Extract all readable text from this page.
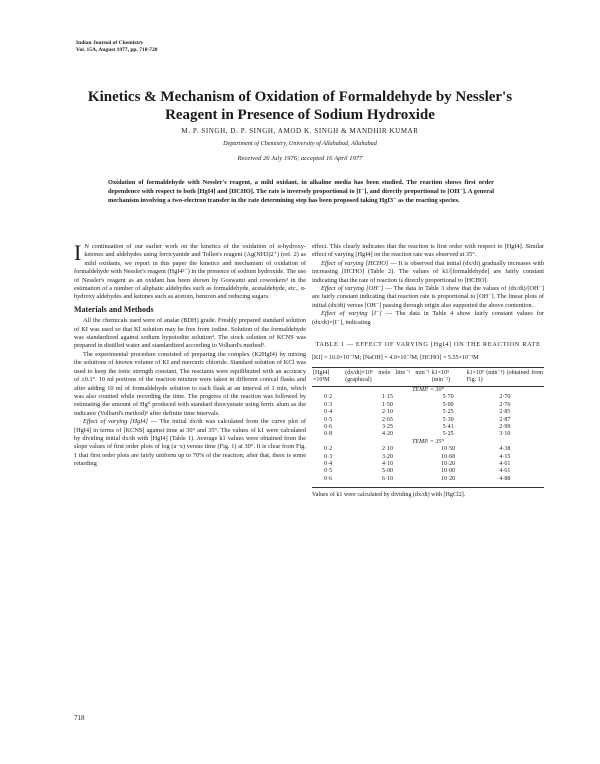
Indian Journal of Chemistry
Vol. 15A, August 1977, pp. 718-720
Kinetics & Mechanism of Oxidation of Formaldehyde by Nessler's Reagent in Presence of Sodium Hydroxide
M. P. SINGH, D. P. SINGH, AMOD K. SINGH & MANDHIR KUMAR
Department of Chemistry, University of Allahabad, Allahabad
Received 26 July 1976; accepted 16 April 1977
Oxidation of formaldehyde with Nessler's reagent, a mild oxidant, in alkaline media has been studied. The reaction shows first order dependence with respect to both [HgI4] and [HCHO]. The rate is inversely proportional to [I⁻], and directly proportional to [OH⁻]. A general mechanism involving a two-electron transfer in the rate determining step has been proposed taking HgI3⁻ as the reacting species.

I N continuation of our earlier work on the kinetics of the oxidation of α-hydroxy-ketones and aldehydes using ferricyanide and Tollen's reagent (Ag(NH3)2⁺) (ref. 2) as mild oxidants, we report in this paper the kinetics and mechanism of oxidation of formaldehyde with Nessler's reagent (HgI4²⁻) in the presence of sodium hydroxide. The use of Nessler's reagent as an oxidant has been shown by Goswami and coworkers³ in the estimation of a number of aliphatic aldehydes such as formaldehyde, acetaldehyde, etc., α-hydroxy aldehydes and ketones such as acetoin, benzoin and reducing sugars.

Materials and Methods

All the chemicals used were of analar (BDH) grade. Freshly prepared standard solution of KI was used so that KI solution may be free from iodine. Solution of the formaldehyde was standardized against sodium hypoiodite solution⁴. The stock solution of KCNS was prepared in distilled water and standardized according to Volhard's method⁵.

The experimental procedure consisted of preparing the complex (K2HgI4) by mixing the solutions of known volume of KI and mercuric chloride. Standard solution of KCl was used to keep the ionic strength constant. The reactants were equilibrated with an accuracy of ±0.1°. 10 ml portions of the reaction mixture were taken in different conical flasks and after adding 10 ml of formaldehyde solution to each flask at an interval of 1 min, which was also counted while recording the time. The progress of the reaction was followed by estimating the amount of Hg⁰ produced with standard thiocyanate using ferric alum as the indicator (Volhard's method)⁵ after definite time intervals.

Effect of varying [HgI4] — The initial dx/dt was calculated from the curve plot of [HgI4] in terms of [KCNS] against time at 30° and 35°. The values of k1 were calculated by dividing initial dx/dt with [HgI4] (Table 1). Average k1 values were obtained from the slope values of first order plots of log (a−x) versus time (Fig. 1) at 30°. It is clear from Fig. 1 that first order plots are fairly uniform up to 70% of the reaction; after that, there is some retarding

effect. This clearly indicates that the reaction is first order with respect to [HgI4]. Similar effect of varying [HgI4] on the reaction rate was observed at 35°.

Effect of varying [HCHO] — It is observed that initial (dx/dt) gradually increases with increasing [HCHO] (Table 2). The values of k1/[formaldehyde] are fairly constant indicating that the rate of reaction is directly proportional to [HCHO].

Effect of varying [OH⁻] — The data in Table 3 show that the values of (dx/dt)/[OH⁻] are fairly constant indicating that reaction rate is proportional to [OH⁻]. The linear plots of initial (dx/dt) versus [OH⁻] passing through origin also supported the above contention.

Effect of varying [I⁻] — The data in Table 4 show fairly constant values for (dx/dt)×[I⁻], indicating

TABLE 1 — EFFECT OF VARYING [HgI4] ON THE REACTION RATE
[KI] = 10.0×10⁻²M; [NaOH] = 4.0×10⁻²M; [HCHO] = 5.55×10⁻²M
[HgI4] ×10³M	(dx/dt)×10⁶ mole litre⁻¹ min⁻¹ (graphical)	k1×10⁵ (min⁻¹)	k1×10⁵ (min⁻¹) (obtained from Fig. 1)
TEMP. = 30°			
0·2	1·15	5·70	2·70
0·3	1·50	5·00	2·76
0·4	2·10	5·25	2·85
0·5	2·65	5·30	2·87
0·6	3·25	5·41	2·99
0·8	4·20	5·25	3·10
TEMP. = 35°			
0·2	2·10	10·50	4·38
0·3	3·20	10·68	4·15
0·4	4·10	10·20	4·61
0·5	5·00	10·00	4·61
0·6	6·10	10·20	4·88
Values of k1 were calculated by dividing (dx/dt) with [HgCl2].
718
